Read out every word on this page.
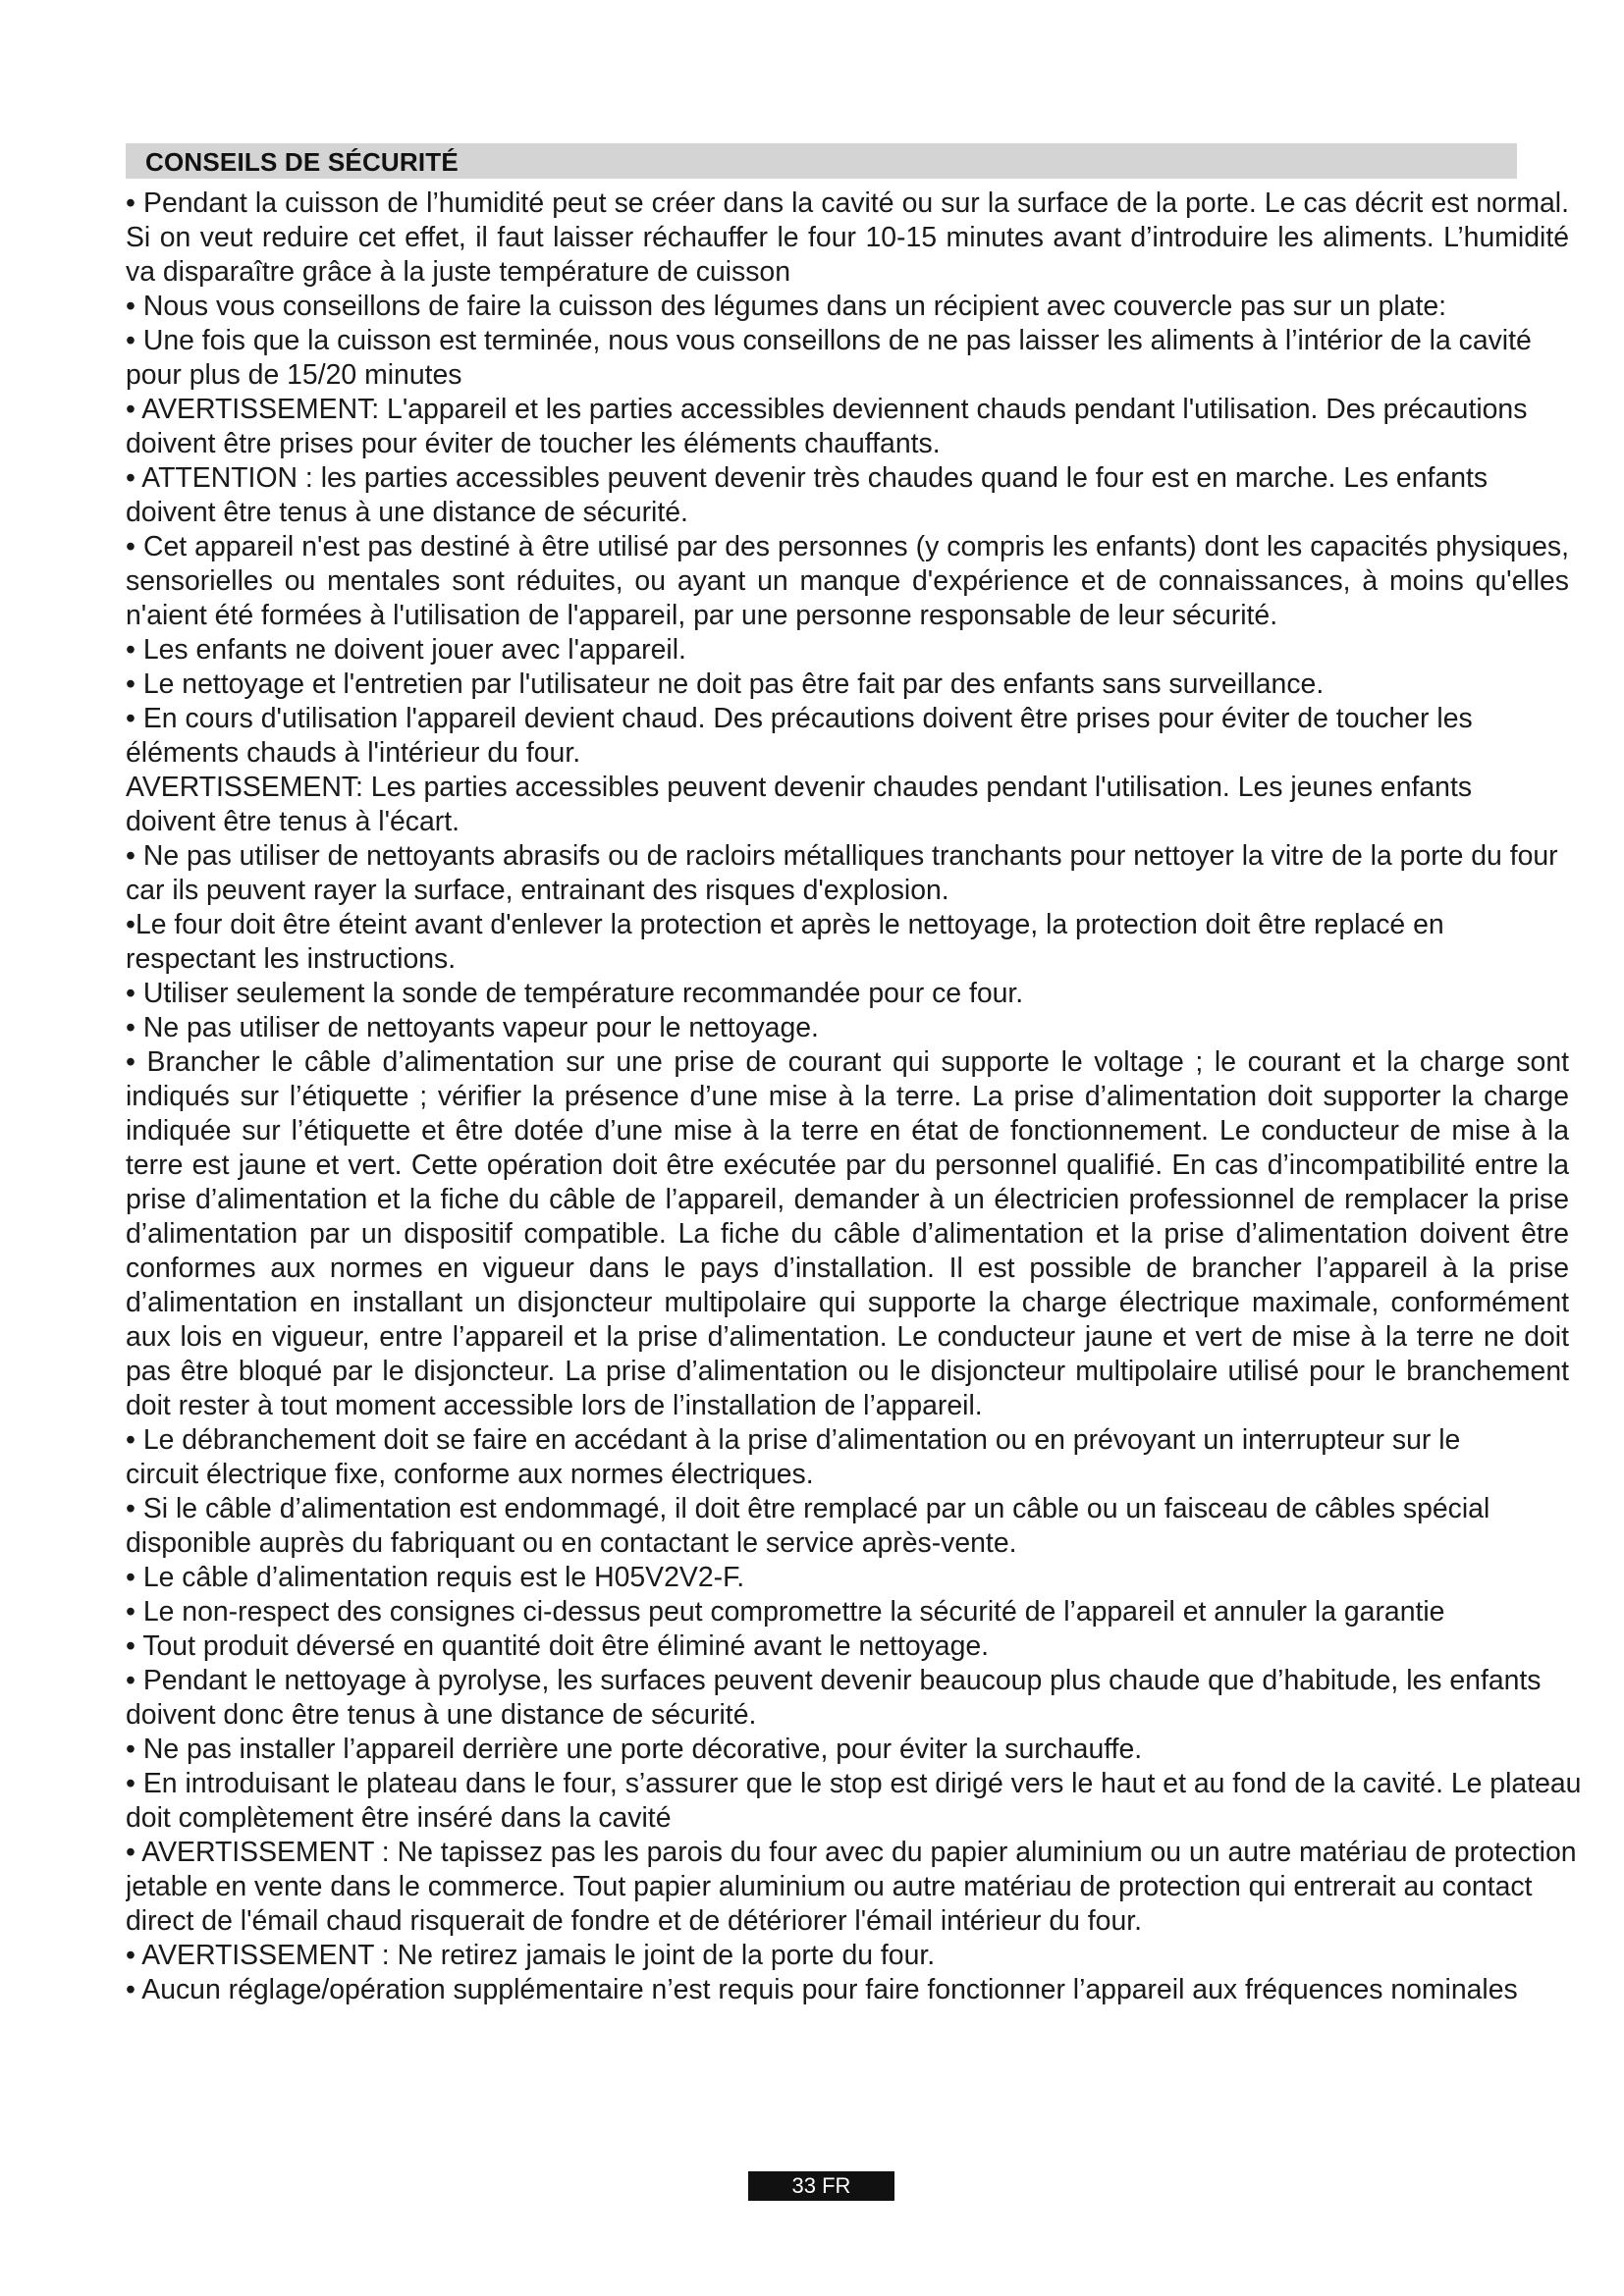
CONSEILS DE SÉCURITÉ

• Pendant la cuisson de l’humidité peut se créer dans la cavité ou sur la surface de la porte. Le cas décrit est normal. Si on veut reduire cet effet, il faut laisser réchauffer le four 10-15 minutes avant d’introduire les aliments. L’humidité va disparaître grâce à la juste température de cuisson

• Nous vous conseillons de faire la cuisson des légumes dans un récipient avec couvercle pas sur un plate:

• Une fois que la cuisson est terminée, nous vous conseillons de ne pas laisser les aliments à l’intérior de la cavité pour plus de 15/20 minutes

• AVERTISSEMENT: L'appareil et les parties accessibles deviennent chauds pendant l'utilisation. Des précautions doivent être prises pour éviter de toucher les éléments chauffants.

• ATTENTION : les parties accessibles peuvent devenir très chaudes quand le four est en marche. Les enfants doivent être tenus à une distance de sécurité.

• Cet appareil n'est pas destiné à être utilisé par des personnes (y compris les enfants) dont les capacités physiques, sensorielles ou mentales sont réduites, ou ayant un manque d'expérience et de connaissances, à moins qu'elles n'aient été formées à l'utilisation de l'appareil, par une personne responsable de leur sécurité.

• Les enfants ne doivent jouer avec l'appareil.

• Le nettoyage et l'entretien par l'utilisateur ne doit pas être fait par des enfants sans surveillance.

• En cours d'utilisation l'appareil devient chaud. Des précautions doivent être prises pour éviter de toucher les éléments chauds à l'intérieur du four.

AVERTISSEMENT: Les parties accessibles peuvent devenir chaudes pendant l'utilisation. Les jeunes enfants doivent être tenus à l'écart.

• Ne pas utiliser de nettoyants abrasifs ou de racloirs métalliques tranchants pour nettoyer la vitre de la porte du four car ils peuvent rayer la surface, entrainant des risques d'explosion.

•Le four doit être éteint avant d'enlever la protection et après le nettoyage, la protection doit être replacé en respectant les instructions.

• Utiliser seulement la sonde de température recommandée pour ce four.

• Ne pas utiliser de nettoyants vapeur pour le nettoyage.

• Brancher le câble d’alimentation sur une prise de courant qui supporte le voltage ; le courant et la charge sont indiqués sur l’étiquette ; vérifier la présence d’une mise à la terre. La prise d’alimentation doit supporter la charge indiquée sur l’étiquette et être dotée d’une mise à la terre en état de fonctionnement. Le conducteur de mise à la terre est jaune et vert. Cette opération doit être exécutée par du personnel qualifié. En cas d’incompatibilité entre la prise d’alimentation et la fiche du câble de l’appareil, demander à un électricien professionnel de remplacer la prise d’alimentation par un dispositif compatible. La fiche du câble d’alimentation et la prise d’alimentation doivent être conformes aux normes en vigueur dans le pays d’installation. Il est possible de brancher l’appareil à la prise d’alimentation en installant un disjoncteur multipolaire qui supporte la charge électrique maximale, conformément aux lois en vigueur, entre l’appareil et la prise d’alimentation. Le conducteur jaune et vert de mise à la terre ne doit pas être bloqué par le disjoncteur. La prise d’alimentation ou le disjoncteur multipolaire utilisé pour le branchement doit rester à tout moment accessible lors de l’installation de l’appareil.

• Le débranchement doit se faire en accédant à la prise d’alimentation ou en prévoyant un interrupteur sur le circuit électrique fixe, conforme aux normes électriques.

• Si le câble d’alimentation est endommagé, il doit être remplacé par un câble ou un faisceau de câbles spécial disponible auprès du fabriquant ou en contactant le service après-vente.

• Le câble d’alimentation requis est le H05V2V2-F.

• Le non-respect des consignes ci-dessus peut compromettre la sécurité de l’appareil et annuler la garantie

• Tout produit déversé en quantité doit être éliminé avant le nettoyage.

• Pendant le nettoyage à pyrolyse, les surfaces peuvent devenir beaucoup plus chaude que d’habitude, les enfants doivent donc être tenus à une distance de sécurité.

• Ne pas installer l’appareil derrière une porte décorative, pour éviter la surchauffe.

• En introduisant le plateau dans le four, s’assurer que le stop est dirigé vers le haut et au fond de la cavité. Le plateau doit complètement être inséré dans la cavité

• AVERTISSEMENT : Ne tapissez pas les parois du four avec du papier aluminium ou un autre matériau de protection jetable en vente dans le commerce. Tout papier aluminium ou autre matériau de protection qui entrerait au contact direct de l'émail chaud risquerait de fondre et de détériorer l'émail intérieur du four.

• AVERTISSEMENT : Ne retirez jamais le joint de la porte du four.

• Aucun réglage/opération supplémentaire n’est requis pour faire fonctionner l’appareil aux fréquences nominales

33 FR
